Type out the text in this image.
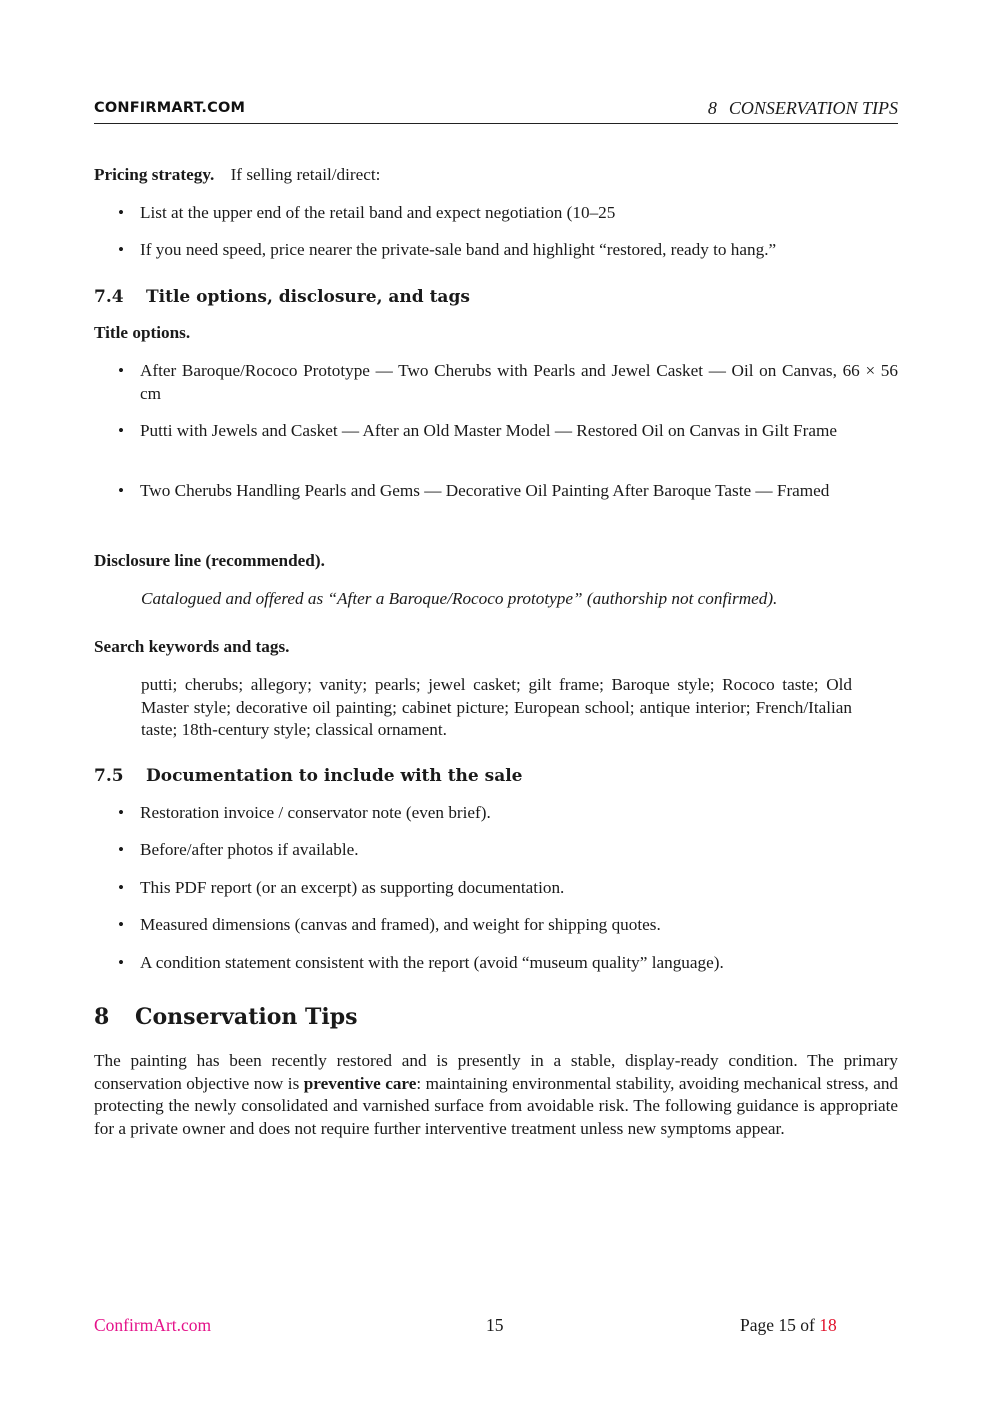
CONFIRMART.COM	8 CONSERVATION TIPS
Pricing strategy. If selling retail/direct:
• List at the upper end of the retail band and expect negotiation (10–25
• If you need speed, price nearer the private-sale band and highlight “restored, ready to hang.”
7.4 Title options, disclosure, and tags
Title options.
• After Baroque/Rococo Prototype — Two Cherubs with Pearls and Jewel Casket — Oil on Canvas, 66 × 56 cm
• Putti with Jewels and Casket — After an Old Master Model — Restored Oil on Canvas in Gilt Frame
• Two Cherubs Handling Pearls and Gems — Decorative Oil Painting After Baroque Taste — Framed
Disclosure line (recommended).
Catalogued and offered as “After a Baroque/Rococo prototype” (authorship not confirmed).
Search keywords and tags.
putti; cherubs; allegory; vanity; pearls; jewel casket; gilt frame; Baroque style; Rococo taste; Old Master style; decorative oil painting; cabinet picture; European school; antique interior; French/Italian taste; 18th-century style; classical ornament.
7.5 Documentation to include with the sale
• Restoration invoice / conservator note (even brief).
• Before/after photos if available.
• This PDF report (or an excerpt) as supporting documentation.
• Measured dimensions (canvas and framed), and weight for shipping quotes.
• A condition statement consistent with the report (avoid “museum quality” language).
8 Conservation Tips
The painting has been recently restored and is presently in a stable, display-ready condition. The primary conservation objective now is preventive care: maintaining environmental stability, avoiding mechanical stress, and protecting the newly consolidated and varnished surface from avoidable risk. The following guidance is appropriate for a private owner and does not require further interventive treatment unless new symptoms appear.
ConfirmArt.com	15	Page 15 of 18
